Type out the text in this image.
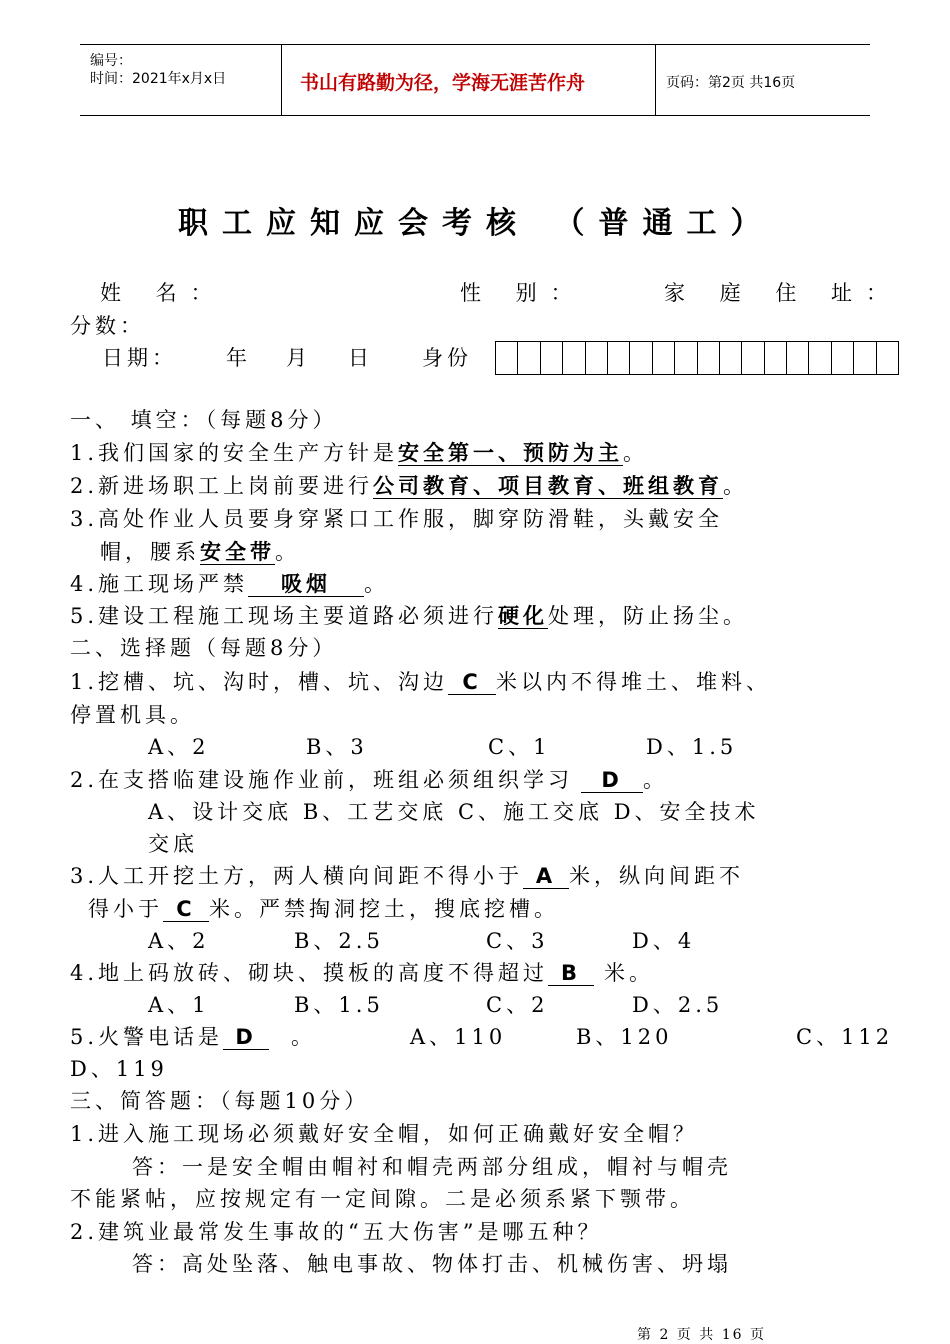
编号：
时间：2021年x月x日	书山有路勤为径，学海无涯苦作舟	页码：第2页 共16页
职工应知应会考核 （普通工）
姓 名：	性 别：	家 庭 住 址：
分数：
日期： 年 月 日 身份
一、 填空：（每题8分）
1.我们国家的安全生产方针是安全第一、预防为主。
2.新进场职工上岗前要进行公司教育、项目教育、班组教育。
3.高处作业人员要身穿紧口工作服，脚穿防滑鞋，头戴安全
帽，腰系安全带。
4.施工现场严禁 吸烟 。
5.建设工程施工现场主要道路必须进行硬化处理，防止扬尘。
二、选择题（每题8分）
1.挖槽、坑、沟时，槽、坑、沟边 C 米以内不得堆土、堆料、
停置机具。
A、2	B、3	C、1	D、1.5
2.在支搭临建设施作业前，班组必须组织学习 D 。
A、设计交底 B、工艺交底 C、施工交底 D、安全技术
交底
3.人工开挖土方，两人横向间距不得小于 A 米，纵向间距不
得小于 C 米。严禁掏洞挖土，搜底挖槽。
A、2	B、2.5	C、3	D、4
4.地上码放砖、砌块、摸板的高度不得超过 B 米。
A、1	B、1.5	C、2	D、2.5
5.火警电话是 D 。	A、110	B、120	C、112
D、119
三、简答题：（每题10分）
1.进入施工现场必须戴好安全帽，如何正确戴好安全帽？
答：一是安全帽由帽衬和帽壳两部分组成，帽衬与帽壳
不能紧帖，应按规定有一定间隙。二是必须系紧下颚带。
2.建筑业最常发生事故的“五大伤害”是哪五种？
答：高处坠落、触电事故、物体打击、机械伤害、坍塌
第 2 页 共 16 页
